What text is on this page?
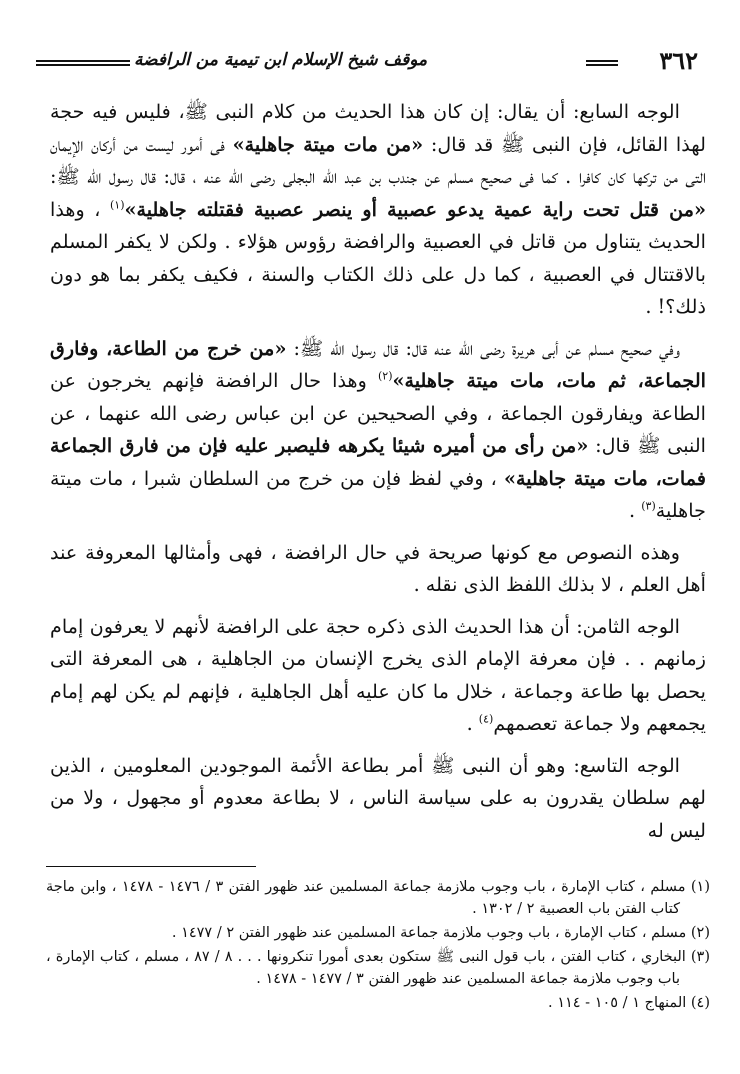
٣٦٢
موقف شيخ الإسلام ابن تيمية من الرافضة

الوجه السابع: أن يقال: إن كان هذا الحديث من كلام النبى ﷺ، فليس فيه حجة لهذا القائل، فإن النبى ﷺ قد قال: «من مات ميتة جاهلية» فى أمور ليست من أركان الإيمان التى من تركها كان كافرا . كما فى صحيح مسلم عن جندب بن عبد الله البجلى رضى الله عنه ، قال: قال رسول الله ﷺ: «من قتل تحت راية عمية يدعو عصبية أو ينصر عصبية فقتلته جاهلية»$^{(١)}$ ، وهذا الحديث يتناول من قاتل في العصبية والرافضة رؤوس هؤلاء . ولكن لا يكفر المسلم بالاقتتال في العصبية ، كما دل على ذلك الكتاب والسنة ، فكيف يكفر بما هو دون ذلك؟! .

وفي صحيح مسلم عن أبى هريرة رضى الله عنه قال: قال رسول الله ﷺ: «من خرج من الطاعة، وفارق الجماعة، ثم مات، مات ميتة جاهلية»$^{(٢)}$ وهذا حال الرافضة فإنهم يخرجون عن الطاعة ويفارقون الجماعة ، وفي الصحيحين عن ابن عباس رضى الله عنهما ، عن النبى ﷺ قال: «من رأى من أميره شيئا يكرهه فليصبر عليه فإن من فارق الجماعة فمات، مات ميتة جاهلية» ، وفي لفظ فإن من خرج من السلطان شبرا ، مات ميتة جاهلية$^{(٣)}$ .

وهذه النصوص مع كونها صريحة في حال الرافضة ، فهى وأمثالها المعروفة عند أهل العلم ، لا بذلك اللفظ الذى نقله .

الوجه الثامن: أن هذا الحديث الذى ذكره حجة على الرافضة لأنهم لا يعرفون إمام زمانهم . . فإن معرفة الإمام الذى يخرج الإنسان من الجاهلية ، هى المعرفة التى يحصل بها طاعة وجماعة ، خلال ما كان عليه أهل الجاهلية ، فإنهم لم يكن لهم إمام يجمعهم ولا جماعة تعصمهم$^{(٤)}$ .

الوجه التاسع: وهو أن النبى ﷺ أمر بطاعة الأئمة الموجودين المعلومين ، الذين لهم سلطان يقدرون به على سياسة الناس ، لا بطاعة معدوم أو مجهول ، ولا من ليس له

(١) مسلم ، كتاب الإمارة ، باب وجوب ملازمة جماعة المسلمين عند ظهور الفتن ٣ / ١٤٧٦ - ١٤٧٨ ، وابن ماجة كتاب الفتن باب العصبية ٢ / ١٣٠٢ .

(٢) مسلم ، كتاب الإمارة ، باب وجوب ملازمة جماعة المسلمين عند ظهور الفتن ٢ / ١٤٧٧ .

(٣) البخاري ، كتاب الفتن ، باب قول النبى ﷺ ستكون بعدى أمورا تنكرونها . . . ٨ / ٨٧ ، مسلم ، كتاب الإمارة ، باب وجوب ملازمة جماعة المسلمين عند ظهور الفتن ٣ / ١٤٧٧ - ١٤٧٨ .

(٤) المنهاج ١ / ١٠٥ - ١١٤ .
